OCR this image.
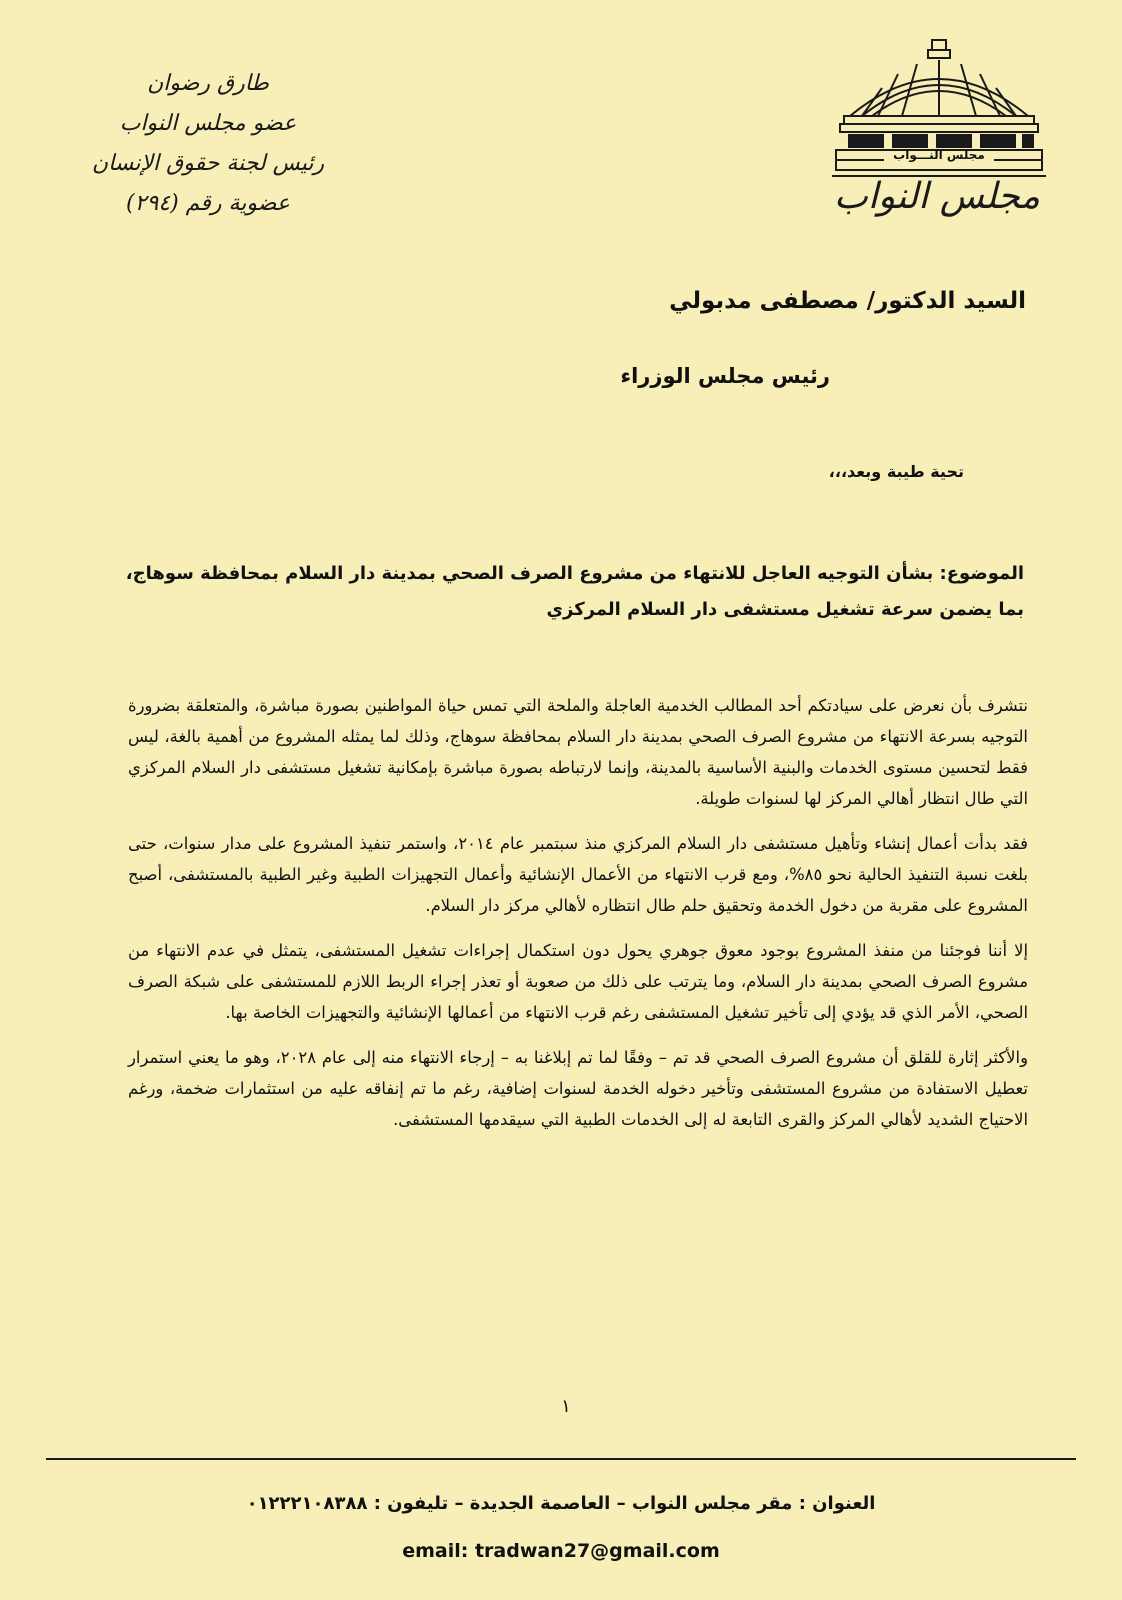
مجلس النـــواب
مجلس النواب
طارق رضوان
عضو مجلس النواب
رئيس لجنة حقوق الإنسان
عضوية رقم (٢٩٤)
السيد الدكتور/ مصطفى مدبولي
رئيس مجلس الوزراء
تحية طيبة وبعد،،،
الموضوع: بشأن التوجيه العاجل للانتهاء من مشروع الصرف الصحي بمدينة دار السلام بمحافظة سوهاج،
بما يضمن سرعة تشغيل مستشفى دار السلام المركزي

نتشرف بأن نعرض على سيادتكم أحد المطالب الخدمية العاجلة والملحة التي تمس حياة المواطنين بصورة مباشرة، والمتعلقة بضرورة التوجيه بسرعة الانتهاء من مشروع الصرف الصحي بمدينة دار السلام بمحافظة سوهاج، وذلك لما يمثله المشروع من أهمية بالغة، ليس فقط لتحسين مستوى الخدمات والبنية الأساسية بالمدينة، وإنما لارتباطه بصورة مباشرة بإمكانية تشغيل مستشفى دار السلام المركزي التي طال انتظار أهالي المركز لها لسنوات طويلة.

فقد بدأت أعمال إنشاء وتأهيل مستشفى دار السلام المركزي منذ سبتمبر عام ٢٠١٤، واستمر تنفيذ المشروع على مدار سنوات، حتى بلغت نسبة التنفيذ الحالية نحو ٨٥%، ومع قرب الانتهاء من الأعمال الإنشائية وأعمال التجهيزات الطبية وغير الطبية بالمستشفى، أصبح المشروع على مقربة من دخول الخدمة وتحقيق حلم طال انتظاره لأهالي مركز دار السلام.

إلا أننا فوجئنا من منفذ المشروع بوجود معوق جوهري يحول دون استكمال إجراءات تشغيل المستشفى، يتمثل في عدم الانتهاء من مشروع الصرف الصحي بمدينة دار السلام، وما يترتب على ذلك من صعوبة أو تعذر إجراء الربط اللازم للمستشفى على شبكة الصرف الصحي، الأمر الذي قد يؤدي إلى تأخير تشغيل المستشفى رغم قرب الانتهاء من أعمالها الإنشائية والتجهيزات الخاصة بها.

والأكثر إثارة للقلق أن مشروع الصرف الصحي قد تم – وفقًا لما تم إبلاغنا به – إرجاء الانتهاء منه إلى عام ٢٠٢٨، وهو ما يعني استمرار تعطيل الاستفادة من مشروع المستشفى وتأخير دخوله الخدمة لسنوات إضافية، رغم ما تم إنفاقه عليه من استثمارات ضخمة، ورغم الاحتياج الشديد لأهالي المركز والقرى التابعة له إلى الخدمات الطبية التي سيقدمها المستشفى.

١
العنوان : مقر مجلس النواب – العاصمة الجديدة – تليفون : ٠١٢٢٢١٠٨٣٨٨
email: tradwan27@gmail.com
